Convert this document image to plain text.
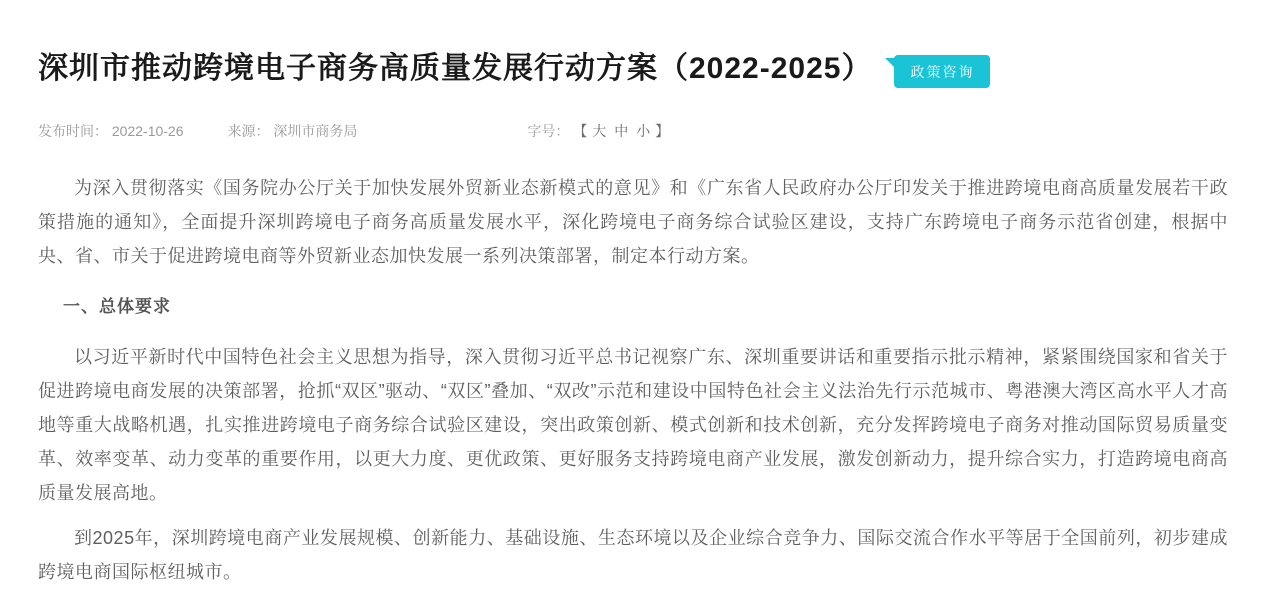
深圳市推动跨境电子商务高质量发展行动方案（2022-2025）	政策咨询
发布时间： 2022-10-26	来源： 深圳市商务局	字号： 【 大 中 小 】

为深入贯彻落实《国务院办公厅关于加快发展外贸新业态新模式的意见》和《广东省人民政府办公厅印发关于推进跨境电商高质量发展若干政策措施的通知》，全面提升深圳跨境电子商务高质量发展水平，深化跨境电子商务综合试验区建设，支持广东跨境电子商务示范省创建，根据中央、省、市关于促进跨境电商等外贸新业态加快发展一系列决策部署，制定本行动方案。

一、总体要求

以习近平新时代中国特色社会主义思想为指导，深入贯彻习近平总书记视察广东、深圳重要讲话和重要指示批示精神，紧紧围绕国家和省关于促进跨境电商发展的决策部署，抢抓“双区”驱动、“双区”叠加、“双改”示范和建设中国特色社会主义法治先行示范城市、粤港澳大湾区高水平人才高地等重大战略机遇，扎实推进跨境电子商务综合试验区建设，突出政策创新、模式创新和技术创新，充分发挥跨境电子商务对推动国际贸易质量变革、效率变革、动力变革的重要作用，以更大力度、更优政策、更好服务支持跨境电商产业发展，激发创新动力，提升综合实力，打造跨境电商高质量发展高地。

到2025年，深圳跨境电商产业发展规模、创新能力、基础设施、生态环境以及企业综合竞争力、国际交流合作水平等居于全国前列，初步建成跨境电商国际枢纽城市。
